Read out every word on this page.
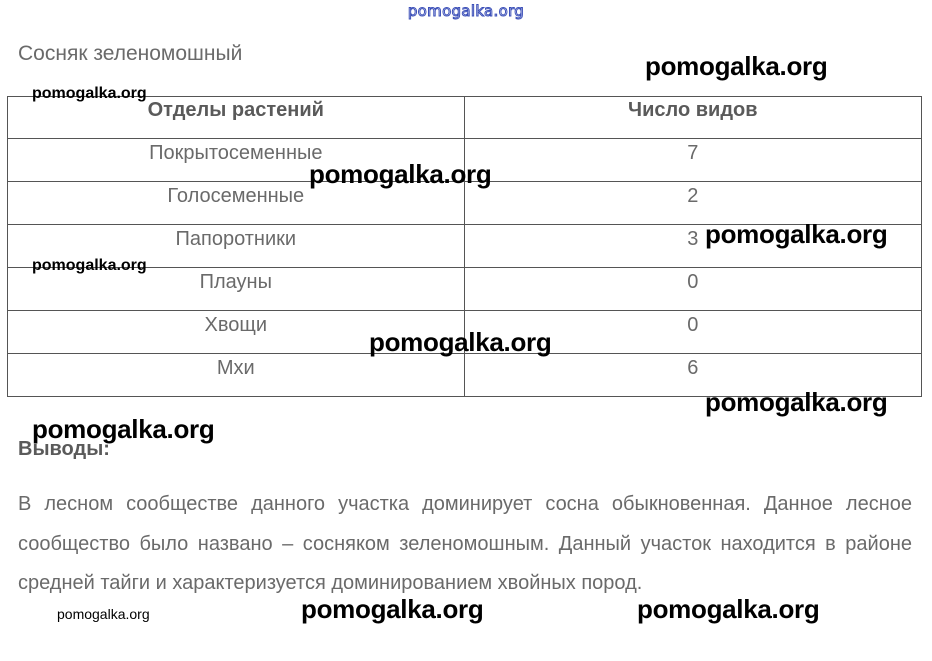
pomogalka.org
Сосняк зеленомошный
Отделы растений	Число видов
Покрытосеменные	7
Голосеменные	2
Папоротники	3
Плауны	0
Хвощи	0
Мхи	6
Выводы:

В лесном сообществе данного участка доминирует сосна обыкновенная. Данное лесное сообщество было названо – сосняком зеленомошным. Данный участок находится в районе средней тайги и характеризуется доминированием хвойных пород.

pomogalka.org
pomogalka.org
pomogalka.org
pomogalka.org
pomogalka.org
pomogalka.org
pomogalka.org
pomogalka.org
pomogalka.org	pomogalka.org
pomogalka.org
